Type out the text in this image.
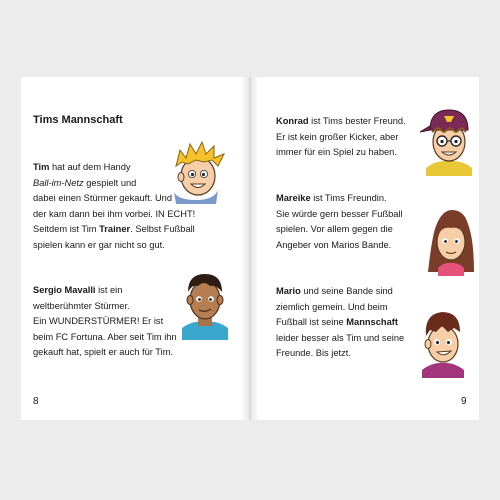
Tims Mannschaft
Tim hat auf dem Handy
Ball-im-Netz gespielt und
dabei einen Stürmer gekauft. Und
der kam dann bei ihm vorbei. IN ECHT!
Seitdem ist Tim Trainer. Selbst Fußball
spielen kann er gar nicht so gut.
Sergio Mavalli ist ein
weltberühmter Stürmer.
Ein WUNDERSTÜRMER! Er ist
beim FC Fortuna. Aber seit Tim ihn
gekauft hat, spielt er auch für Tim.
Konrad ist Tims bester Freund.
Er ist kein großer Kicker, aber
immer für ein Spiel zu haben.
Mareike ist Tims Freundin.
Sie würde gern besser Fußball
spielen. Vor allem gegen die
Angeber von Marios Bande.
Mario und seine Bande sind
ziemlich gemein. Und beim
Fußball ist seine Mannschaft
leider besser als Tim und seine
Freunde. Bis jetzt.
8	9
